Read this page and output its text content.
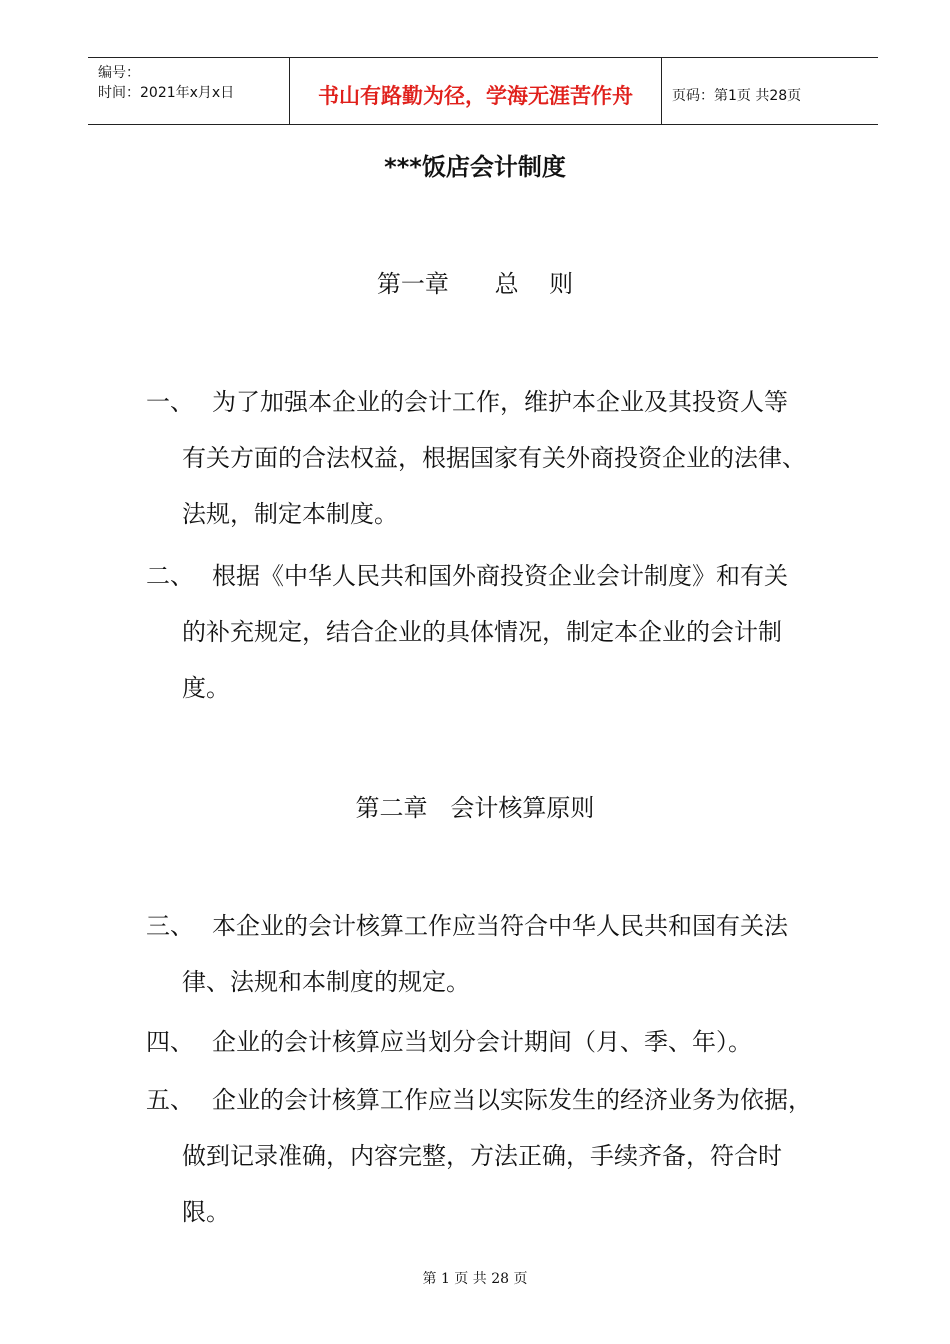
编号：
时间：2021年x月x日	书山有路勤为径，学海无涯苦作舟	页码：第1页 共28页
***饭店会计制度
第一章      总    则
一、 为了加强本企业的会计工作，维护本企业及其投资人等
有关方面的合法权益，根据国家有关外商投资企业的法律、
法规，制定本制度。
二、 根据《中华人民共和国外商投资企业会计制度》和有关
的补充规定，结合企业的具体情况，制定本企业的会计制
度。
第二章   会计核算原则
三、 本企业的会计核算工作应当符合中华人民共和国有关法
律、法规和本制度的规定。
四、 企业的会计核算应当划分会计期间（月、季、年）。
五、 企业的会计核算工作应当以实际发生的经济业务为依据，
做到记录准确，内容完整，方法正确，手续齐备，符合时
限。
第 1 页 共 28 页
